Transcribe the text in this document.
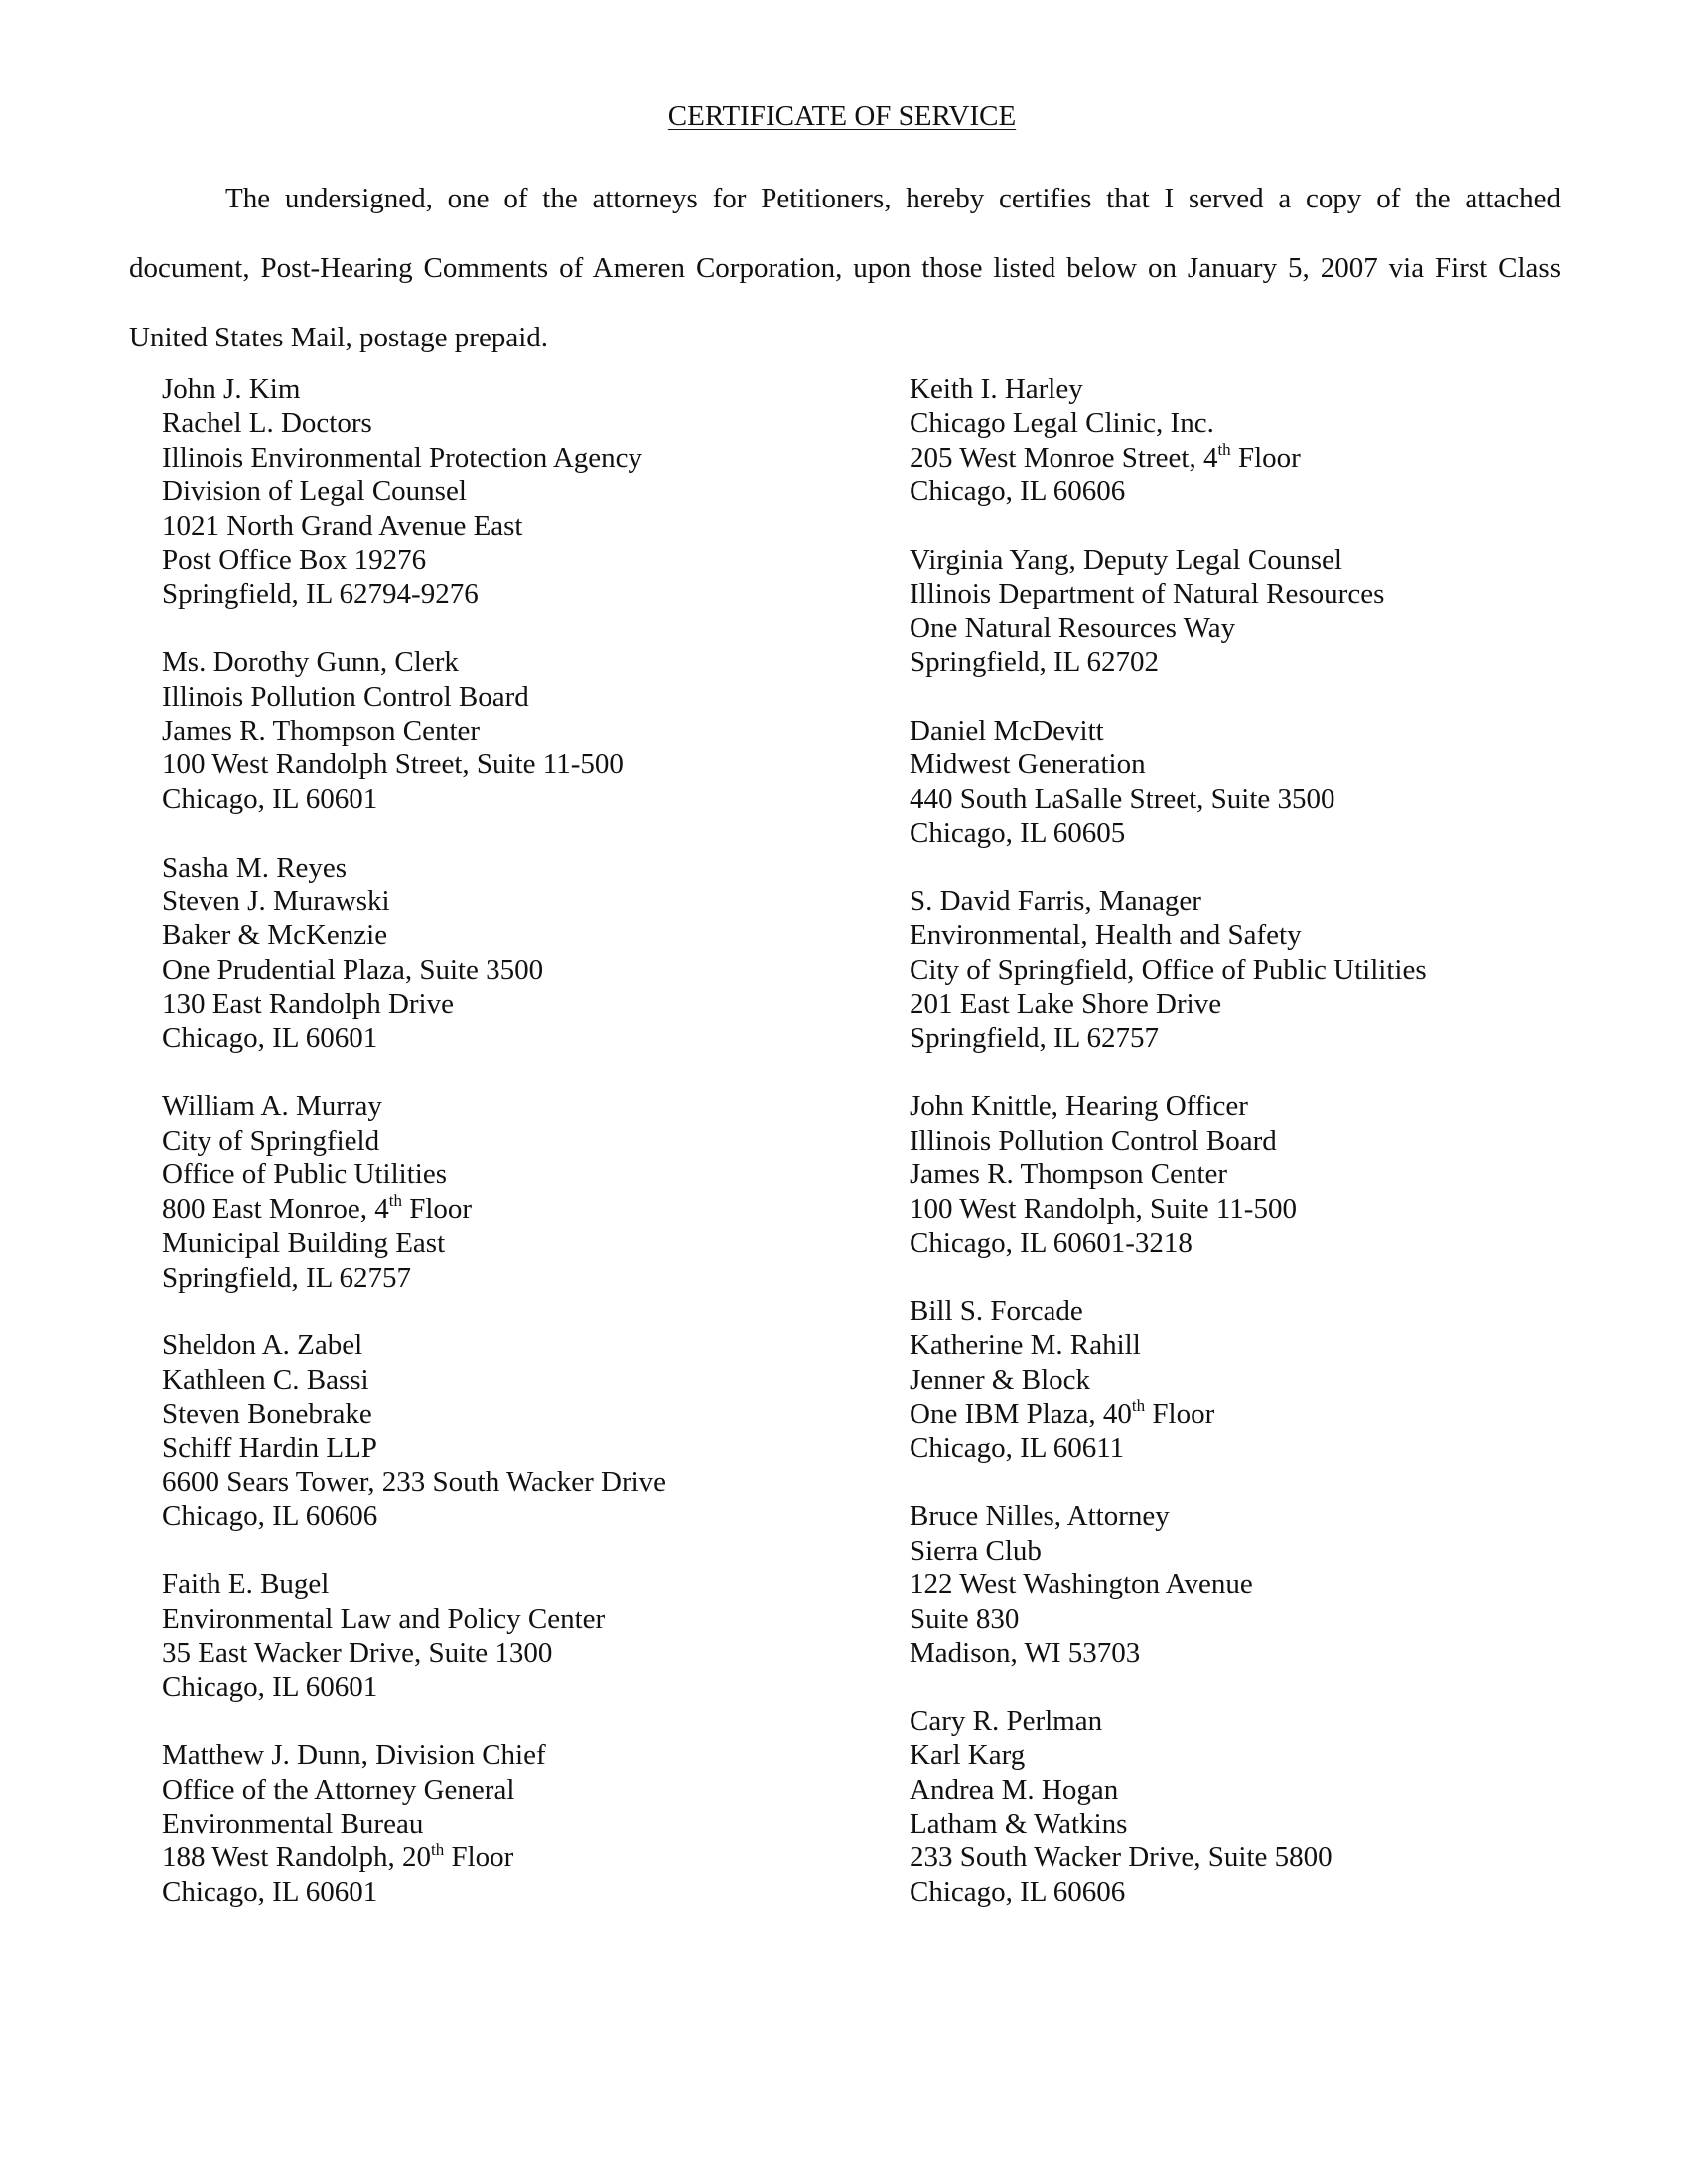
CERTIFICATE OF SERVICE
The undersigned, one of the attorneys for Petitioners, hereby certifies that I served a copy of the attached
document, Post-Hearing Comments of Ameren Corporation, upon those listed below on January 5, 2007 via First Class
United States Mail, postage prepaid.
John J. Kim
Rachel L. Doctors
Illinois Environmental Protection Agency
Division of Legal Counsel
1021 North Grand Avenue East
Post Office Box 19276
Springfield, IL 62794-9276
Ms. Dorothy Gunn, Clerk
Illinois Pollution Control Board
James R. Thompson Center
100 West Randolph Street, Suite 11-500
Chicago, IL 60601
Sasha M. Reyes
Steven J. Murawski
Baker & McKenzie
One Prudential Plaza, Suite 3500
130 East Randolph Drive
Chicago, IL 60601
William A. Murray
City of Springfield
Office of Public Utilities
800 East Monroe, 4th Floor
Municipal Building East
Springfield, IL 62757
Sheldon A. Zabel
Kathleen C. Bassi
Steven Bonebrake
Schiff Hardin LLP
6600 Sears Tower, 233 South Wacker Drive
Chicago, IL 60606
Faith E. Bugel
Environmental Law and Policy Center
35 East Wacker Drive, Suite 1300
Chicago, IL 60601
Matthew J. Dunn, Division Chief
Office of the Attorney General
Environmental Bureau
188 West Randolph, 20th Floor
Chicago, IL 60601
Keith I. Harley
Chicago Legal Clinic, Inc.
205 West Monroe Street, 4th Floor
Chicago, IL 60606
Virginia Yang, Deputy Legal Counsel
Illinois Department of Natural Resources
One Natural Resources Way
Springfield, IL 62702
Daniel McDevitt
Midwest Generation
440 South LaSalle Street, Suite 3500
Chicago, IL 60605
S. David Farris, Manager
Environmental, Health and Safety
City of Springfield, Office of Public Utilities
201 East Lake Shore Drive
Springfield, IL 62757
John Knittle, Hearing Officer
Illinois Pollution Control Board
James R. Thompson Center
100 West Randolph, Suite 11-500
Chicago, IL 60601-3218
Bill S. Forcade
Katherine M. Rahill
Jenner & Block
One IBM Plaza, 40th Floor
Chicago, IL 60611
Bruce Nilles, Attorney
Sierra Club
122 West Washington Avenue
Suite 830
Madison, WI 53703
Cary R. Perlman
Karl Karg
Andrea M. Hogan
Latham & Watkins
233 South Wacker Drive, Suite 5800
Chicago, IL 60606
